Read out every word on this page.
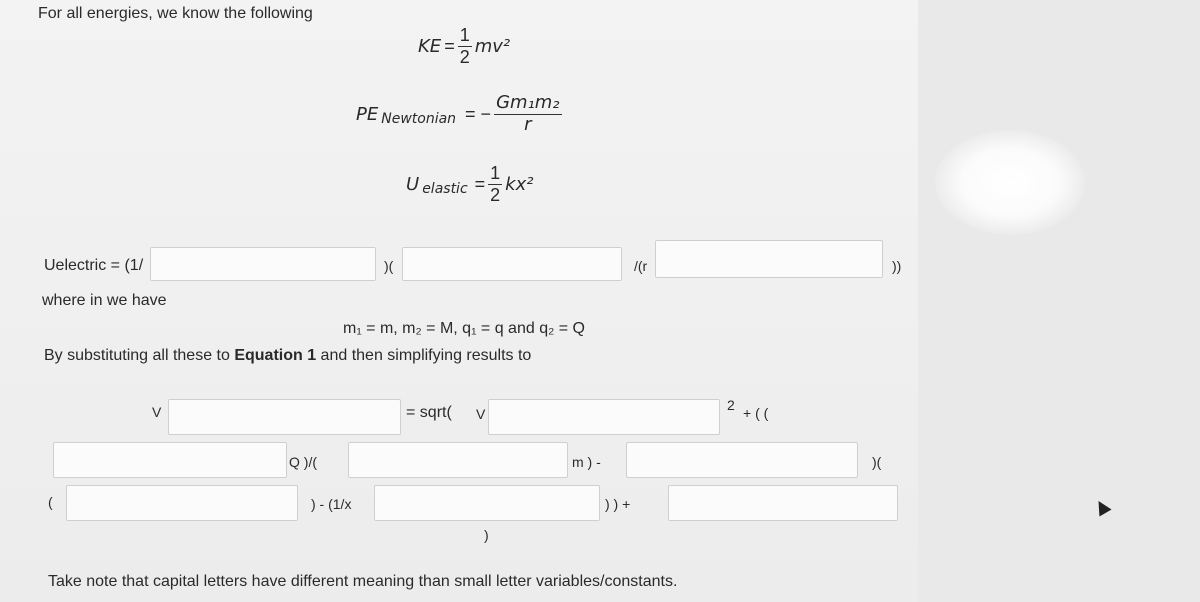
For all energies, we know the following
KE = $\frac{1}{2} mv^2$
PE Newtonian = − $\frac{\text{Gm₁m₂}}{r}$
U elastic = $\frac{1}{2} kx^2$
Uelectric = (1/	)(	/(r	))
where in we have
m₁ = m, m₂ = M, q₁ = q and q₂ = Q
By substituting all these to Equation 1 and then simplifying results to
V	= sqrt( V
2 + ( (
Q )/(	m ) -	)(
(	) - (1/x	) ) +
)
Take note that capital letters have different meaning than small letter variables/constants.
